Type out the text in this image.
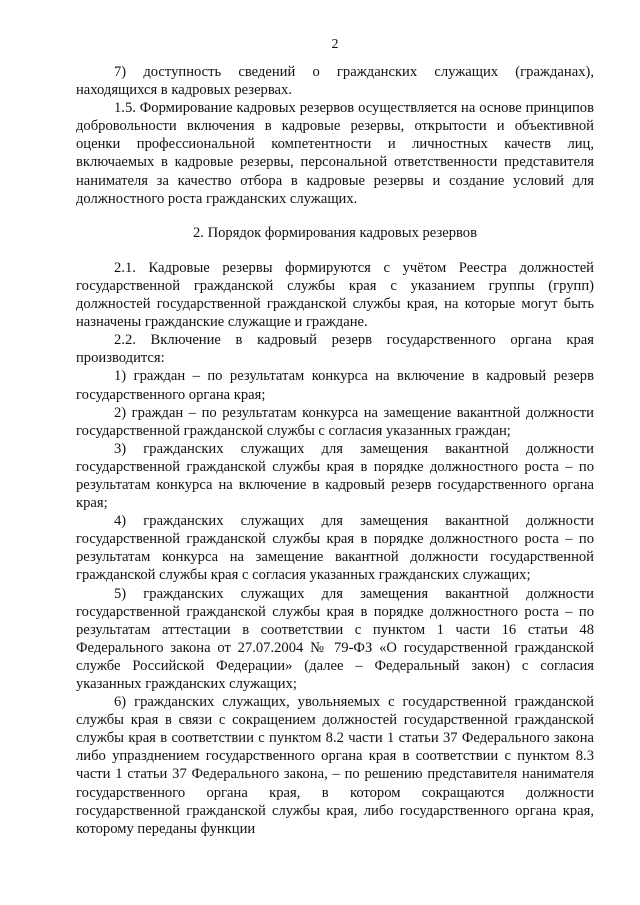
2

7) доступность сведений о гражданских служащих (гражданах), находящихся в кадровых резервах.

1.5. Формирование кадровых резервов осуществляется на основе принципов добровольности включения в кадровые резервы, открытости и объективной оценки профессиональной компетентности и личностных качеств лиц, включаемых в кадровые резервы, персональной ответственности представителя нанимателя за качество отбора в кадровые резервы и создание условий для должностного роста гражданских служащих.

2. Порядок формирования кадровых резервов

2.1. Кадровые резервы формируются с учётом Реестра должностей государственной гражданской службы края с указанием группы (групп) должностей государственной гражданской службы края, на которые могут быть назначены гражданские служащие и граждане.

2.2. Включение в кадровый резерв государственного органа края производится:

1) граждан – по результатам конкурса на включение в кадровый резерв государственного органа края;

2) граждан – по результатам конкурса на замещение вакантной должности государственной гражданской службы с согласия указанных граждан;

3) гражданских служащих для замещения вакантной должности государственной гражданской службы края в порядке должностного роста – по результатам конкурса на включение в кадровый резерв государственного органа края;

4) гражданских служащих для замещения вакантной должности государственной гражданской службы края в порядке должностного роста – по результатам конкурса на замещение вакантной должности государственной гражданской службы края с согласия указанных гражданских служащих;

5) гражданских служащих для замещения вакантной должности государственной гражданской службы края в порядке должностного роста – по результатам аттестации в соответствии с пунктом 1 части 16 статьи 48 Федерального закона от 27.07.2004 № 79-ФЗ «О государственной гражданской службе Российской Федерации» (далее – Федеральный закон) с согласия указанных гражданских служащих;

6) гражданских служащих, увольняемых с государственной гражданской службы края в связи с сокращением должностей государственной гражданской службы края в соответствии с пунктом 8.2 части 1 статьи 37 Федерального закона либо упразднением государственного органа края в соответствии с пунктом 8.3 части 1 статьи 37 Федерального закона, – по решению представителя нанимателя государственного органа края, в котором сокращаются должности государственной гражданской службы края, либо государственного органа края, которому переданы функции
